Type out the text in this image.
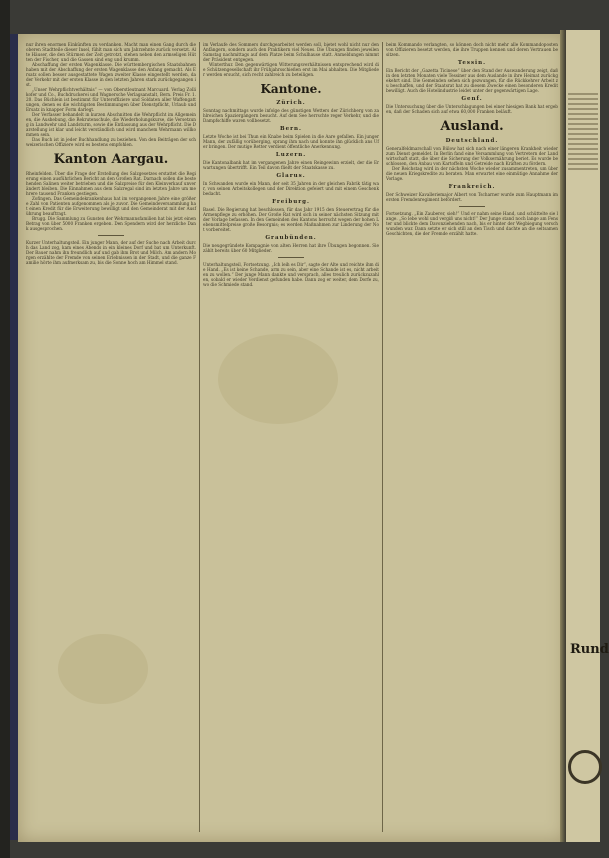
nur ihren enormen Einkünften zu verdanken. Macht man einen Gang durch die oberen Stadtteile dieser Insel, fühlt man sich um Jahrzehnte zurück versetzt. Alte Häuser, die den Stürmen der Zeit getrotzt, stehen neben den armseligen Hütten der Fischer, und die Gassen sind eng und krumm.

Abschaffung der ersten Wagenklasse. Die württembergischen Staatsbahnen haben mit der Abschaffung der ersten Wagenklasse den Anfang gemacht. Als Ersatz sollen besser ausgestattete Wagen zweiter Klasse eingestellt werden, da der Verkehr mit der ersten Klasse in den letzten Jahren stark zurückgegangen ist.

„Unser Wehrpflichtverhältnis“ — von Oberstleutnant Marcuard. Verlag Zollikofer und Co., Buchdruckerei und Wagnersche Verlagsanstalt, Bern. Preis Fr. 1.20. Das Büchlein ist bestimmt für Unteroffiziere und Soldaten aller Waffengattungen, denen es die wichtigsten Bestimmungen über Dienstpflicht, Urlaub und Ersatz in knapper Form darlegt.

Der Verfasser behandelt in kurzen Abschnitten die Wehrpflicht im Allgemeinen, die Aushebung, die Rekrutenschule, die Wiederholungskurse, die Versetzung in Landwehr und Landsturm, sowie die Entlassung aus der Wehrpflicht. Die Darstellung ist klar und leicht verständlich und wird manchem Wehrmann willkommen sein.

Das Buch ist in jeder Buchhandlung zu beziehen. Von den Beiträgen der schweizerischen Offiziere wird es bestens empfohlen.

Kanton Aargau.

Rheinfelden. Über die Frage der Erstellung des Salzgesetzes erstattet die Regierung einen ausführlichen Bericht an den Großen Rat. Darnach sollen die bestehenden Salinen weiter betrieben und die Salzpreise für den Kleinverkauf unverändert bleiben. Die Einnahmen aus dem Salzregal sind im letzten Jahre um mehrere tausend Franken gestiegen.

Zofingen. Das Gemeindekrankenhaus hat im vergangenen Jahre eine größere Zahl von Patienten aufgenommen als je zuvor. Die Gemeindeversammlung hat einen Kredit für die Erweiterung bewilligt und den Gemeinderat mit der Ausführung beauftragt.

Brugg. Die Sammlung zu Gunsten der Wehrmannsfamilien hat bis jetzt einen Betrag von über 5000 Franken ergeben. Den Spendern wird der herzliche Dank ausgesprochen.

Kurzer Unterhaltungsteil. Ein junger Mann, der auf der Suche nach Arbeit durch das Land zog, kam eines Abends in ein kleines Dorf und bat um Unterkunft. Der Bauer nahm ihn freundlich auf und gab ihm Brot und Milch. Am andern Morgen erzählte der Fremde von seinen Erlebnissen in der Stadt, und die ganze Familie hörte ihm aufmerksam zu, bis die Sonne hoch am Himmel stand.

im Verlaufe des Sommers durchgearbeitet werden soll, bietet wohl nicht nur den Anfängern, sondern auch den Praktikern viel Neues. Die Übungen finden jeweilen Samstag nachmittags auf dem Platze beim Schulhause statt. Anmeldungen nimmt der Präsident entgegen.

Winterthur. Den gegenwärtigen Witterungsverhältnissen entsprechend wird die Schützengesellschaft ihr Frühjahrsschießen erst im Mai abhalten. Die Mitglieder werden ersucht, sich recht zahlreich zu beteiligen.

Kantone.
Zürich.

Sonntag nachmittags wurde infolge des günstigen Wetters der Zürichberg von zahlreichen Spaziergängern besucht. Auf dem See herrschte reger Verkehr, und die Dampfschiffe waren vollbesetzt.

Bern.

Letzte Woche ist bei Thun ein Knabe beim Spielen in die Aare gefallen. Ein junger Mann, der zufällig vorüberging, sprang ihm nach und konnte ihn glücklich ans Ufer bringen. Der mutige Retter verdient öffentliche Anerkennung.

Luzern.

Die Kantonalbank hat im vergangenen Jahre einen Reingewinn erzielt, der die Erwartungen übertrifft. Ein Teil davon fließt der Staatskasse zu.

Glarus.

In Schwanden wurde ein Mann, der seit 35 Jahren in der gleichen Fabrik tätig war, von seinen Arbeitskollegen und der Direktion gefeiert und mit einem Geschenk bedacht.

Freiburg.

Basel. Die Regierung hat beschlossen, für das Jahr 1915 den Steuerertrag für die Armenpflege zu erhöhen. Der Große Rat wird sich in seiner nächsten Sitzung mit der Vorlage befassen. In den Gemeinden des Kantons herrscht wegen der hohen Lebensmittelpreise große Besorgnis; es werden Maßnahmen zur Linderung der Not vorbereitet.

Graubünden.

Die neugegründete Kompagnie von alten Herren hat ihre Übungen begonnen. Sie zählt bereits über 60 Mitglieder.

Unterhaltungsteil, Fortsetzung. „Ich leih es Dir“, sagte der Alte und reichte ihm die Hand. „Es ist keine Schande, arm zu sein, aber eine Schande ist es, nicht arbeiten zu wollen.“ Der junge Mann dankte und versprach, alles treulich zurückzuzahlen, sobald er wieder Verdienst gefunden habe. Dann zog er weiter, dem Dorfe zu, wo die Schmiede stand.

beim Kommando verlangten, so können doch nicht mehr alle Kommandoposten von Offizieren besetzt werden, die ihre Truppen kennen und deren Vertrauen besitzen.

Tessin.

Ein Bericht der „Gazetta Ticinese“ über den Stand der Auswanderung zeigt, daß in den letzten Monaten viele Tessiner aus dem Auslande in ihre Heimat zurückgekehrt sind. Die Gemeinden sehen sich gezwungen, für die Rückkehrer Arbeit zu beschaffen, und der Staatsrat hat zu diesem Zwecke einen besonderen Kredit bewilligt. Auch die Hotelindustrie leidet unter der gegenwärtigen Lage.

Genf.

Die Untersuchung über die Unterschlagungen bei einer hiesigen Bank hat ergeben, daß der Schaden sich auf etwa 60,000 Franken beläuft.

Ausland.
Deutschland.

Generalfeldmarschall von Bülow hat sich nach einer längeren Krankheit wieder zum Dienst gemeldet. In Berlin fand eine Versammlung von Vertretern der Landwirtschaft statt, die über die Sicherung der Volksernährung beriet. Es wurde beschlossen, den Anbau von Kartoffeln und Getreide nach Kräften zu fördern.

Der Reichstag wird in der nächsten Woche wieder zusammentreten, um über die neuen Kriegskredite zu beraten. Man erwartet eine einmütige Annahme der Vorlage.

Frankreich.

Der Schweizer Kavalleriemajor Albert von Tscharner wurde zum Hauptmann im ersten Fremdenregiment befördert.

Fortsetzung. „Ein Zauberer, sieh!“ Und er nahm seine Hand, und schüttelte sie lange. „So lebe wohl und vergiß uns nicht!“ Der Junge stand noch lange am Fenster und blickte dem Davonziehenden nach, bis er hinter der Wegbiegung verschwunden war. Dann setzte er sich still an den Tisch und dachte an die seltsamen Geschichten, die der Fremde erzählt hatte.

Rund
